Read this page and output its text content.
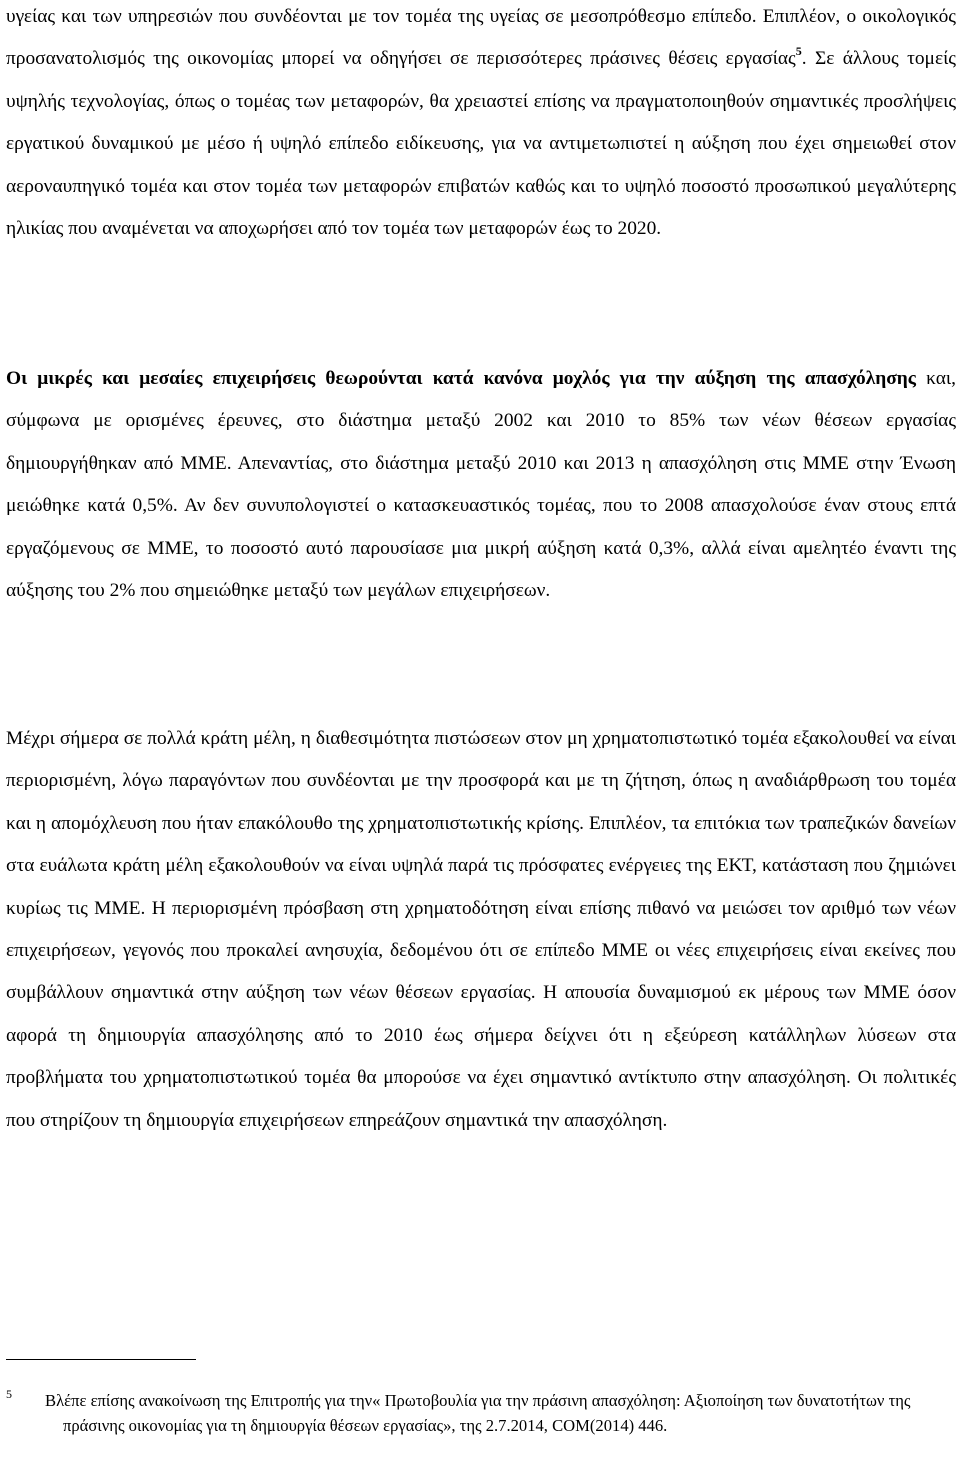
υγείας και των υπηρεσιών που συνδέονται με τον τομέα της υγείας σε μεσοπρόθεσμο επίπεδο. Επιπλέον, ο οικολογικός προσανατολισμός της οικονομίας μπορεί να οδηγήσει σε περισσότερες πράσινες θέσεις εργασίας$^5$. Σε άλλους τομείς υψηλής τεχνολογίας, όπως ο τομέας των μεταφορών, θα χρειαστεί επίσης να πραγματοποιηθούν σημαντικές προσλήψεις εργατικού δυναμικού με μέσο ή υψηλό επίπεδο ειδίκευσης, για να αντιμετωπιστεί η αύξηση που έχει σημειωθεί στον αεροναυπηγικό τομέα και στον τομέα των μεταφορών επιβατών καθώς και το υψηλό ποσοστό προσωπικού μεγαλύτερης ηλικίας που αναμένεται να αποχωρήσει από τον τομέα των μεταφορών έως το 2020.

Οι μικρές και μεσαίες επιχειρήσεις θεωρούνται κατά κανόνα μοχλός για την αύξηση της απασχόλησης και, σύμφωνα με ορισμένες έρευνες, στο διάστημα μεταξύ 2002 και 2010 το 85% των νέων θέσεων εργασίας δημιουργήθηκαν από ΜΜΕ. Απεναντίας, στο διάστημα μεταξύ 2010 και 2013 η απασχόληση στις ΜΜΕ στην Ένωση μειώθηκε κατά 0,5%. Αν δεν συνυπολογιστεί ο κατασκευαστικός τομέας, που το 2008 απασχολούσε έναν στους επτά εργαζόμενους σε ΜΜΕ, το ποσοστό αυτό παρουσίασε μια μικρή αύξηση κατά 0,3%, αλλά είναι αμελητέο έναντι της αύξησης του 2% που σημειώθηκε μεταξύ των μεγάλων επιχειρήσεων.

Μέχρι σήμερα σε πολλά κράτη μέλη, η διαθεσιμότητα πιστώσεων στον μη χρηματοπιστωτικό τομέα εξακολουθεί να είναι περιορισμένη, λόγω παραγόντων που συνδέονται με την προσφορά και με τη ζήτηση, όπως η αναδιάρθρωση του τομέα και η απομόχλευση που ήταν επακόλουθο της χρηματοπιστωτικής κρίσης. Επιπλέον, τα επιτόκια των τραπεζικών δανείων στα ευάλωτα κράτη μέλη εξακολουθούν να είναι υψηλά παρά τις πρόσφατες ενέργειες της ΕΚΤ, κατάσταση που ζημιώνει κυρίως τις ΜΜΕ. Η περιορισμένη πρόσβαση στη χρηματοδότηση είναι επίσης πιθανό να μειώσει τον αριθμό των νέων επιχειρήσεων, γεγονός που προκαλεί ανησυχία, δεδομένου ότι σε επίπεδο ΜΜΕ οι νέες επιχειρήσεις είναι εκείνες που συμβάλλουν σημαντικά στην αύξηση των νέων θέσεων εργασίας. Η απουσία δυναμισμού εκ μέρους των ΜΜΕ όσον αφορά τη δημιουργία απασχόλησης από το 2010 έως σήμερα δείχνει ότι η εξεύρεση κατάλληλων λύσεων στα προβλήματα του χρηματοπιστωτικού τομέα θα μπορούσε να έχει σημαντικό αντίκτυπο στην απασχόληση. Οι πολιτικές που στηρίζουν τη δημιουργία επιχειρήσεων επηρεάζουν σημαντικά την απασχόληση.

5	Βλέπε επίσης ανακοίνωση της Επιτροπής για την« Πρωτοβουλία για την πράσινη απασχόληση: Αξιοποίηση των δυνατοτήτων της πράσινης οικονομίας για τη δημιουργία θέσεων εργασίας», της 2.7.2014, COM(2014) 446.
